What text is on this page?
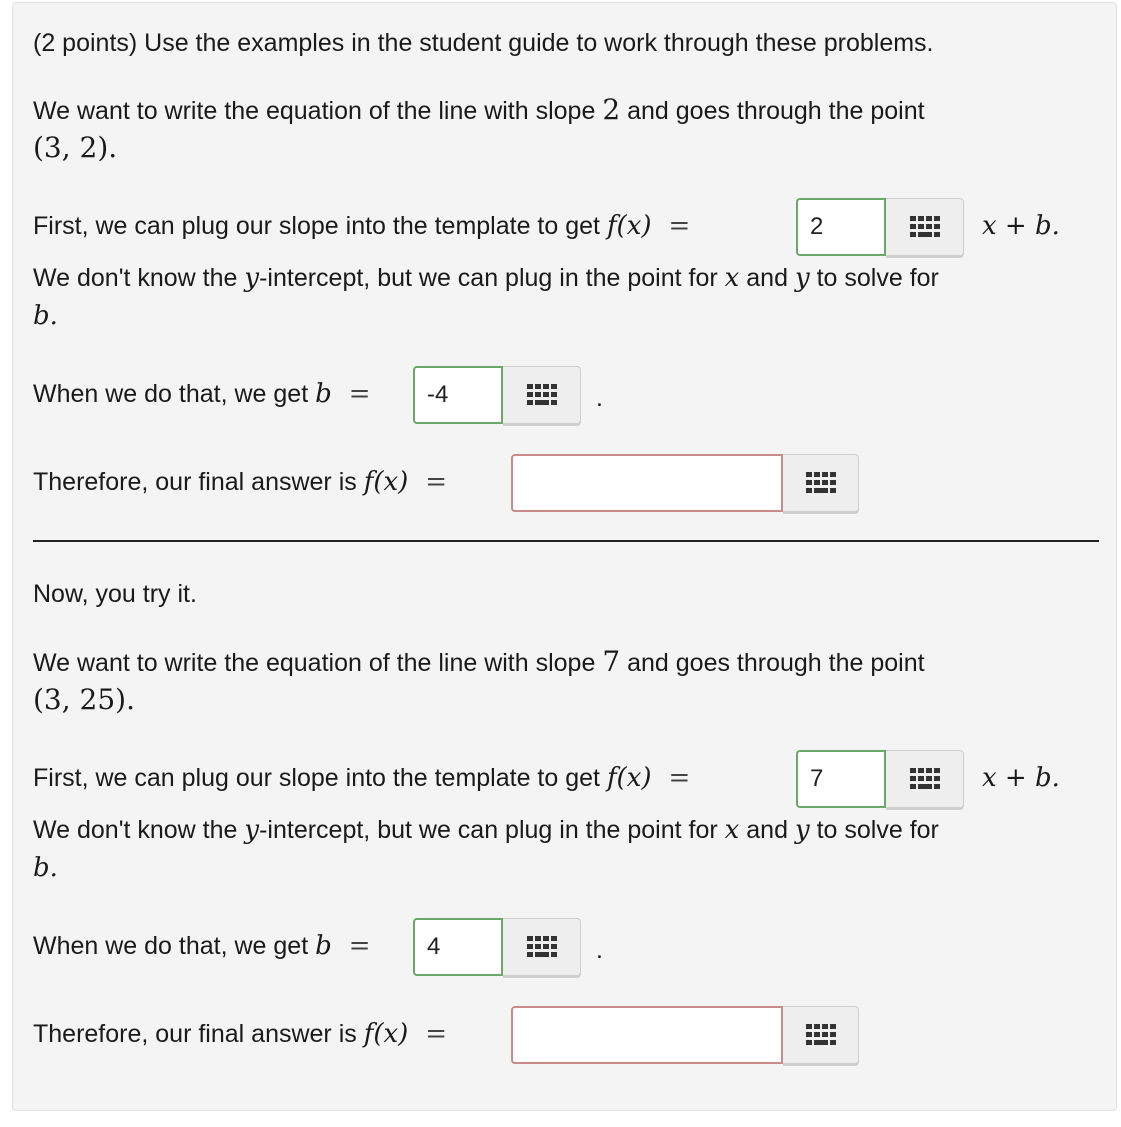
(2 points) Use the examples in the student guide to work through these problems.
We want to write the equation of the line with slope 2 and goes through the point
(3, 2).
First, we can plug our slope into the template to get f(x) =
2	x + b.
We don't know the y-intercept, but we can plug in the point for x and y to solve for
b.
When we do that, we get b =
-4	.
Therefore, our final answer is f(x) =
Now, you try it.
We want to write the equation of the line with slope 7 and goes through the point
(3, 25).
First, we can plug our slope into the template to get f(x) =
7	x + b.
We don't know the y-intercept, but we can plug in the point for x and y to solve for
b.
When we do that, we get b =
4	.
Therefore, our final answer is f(x) =
